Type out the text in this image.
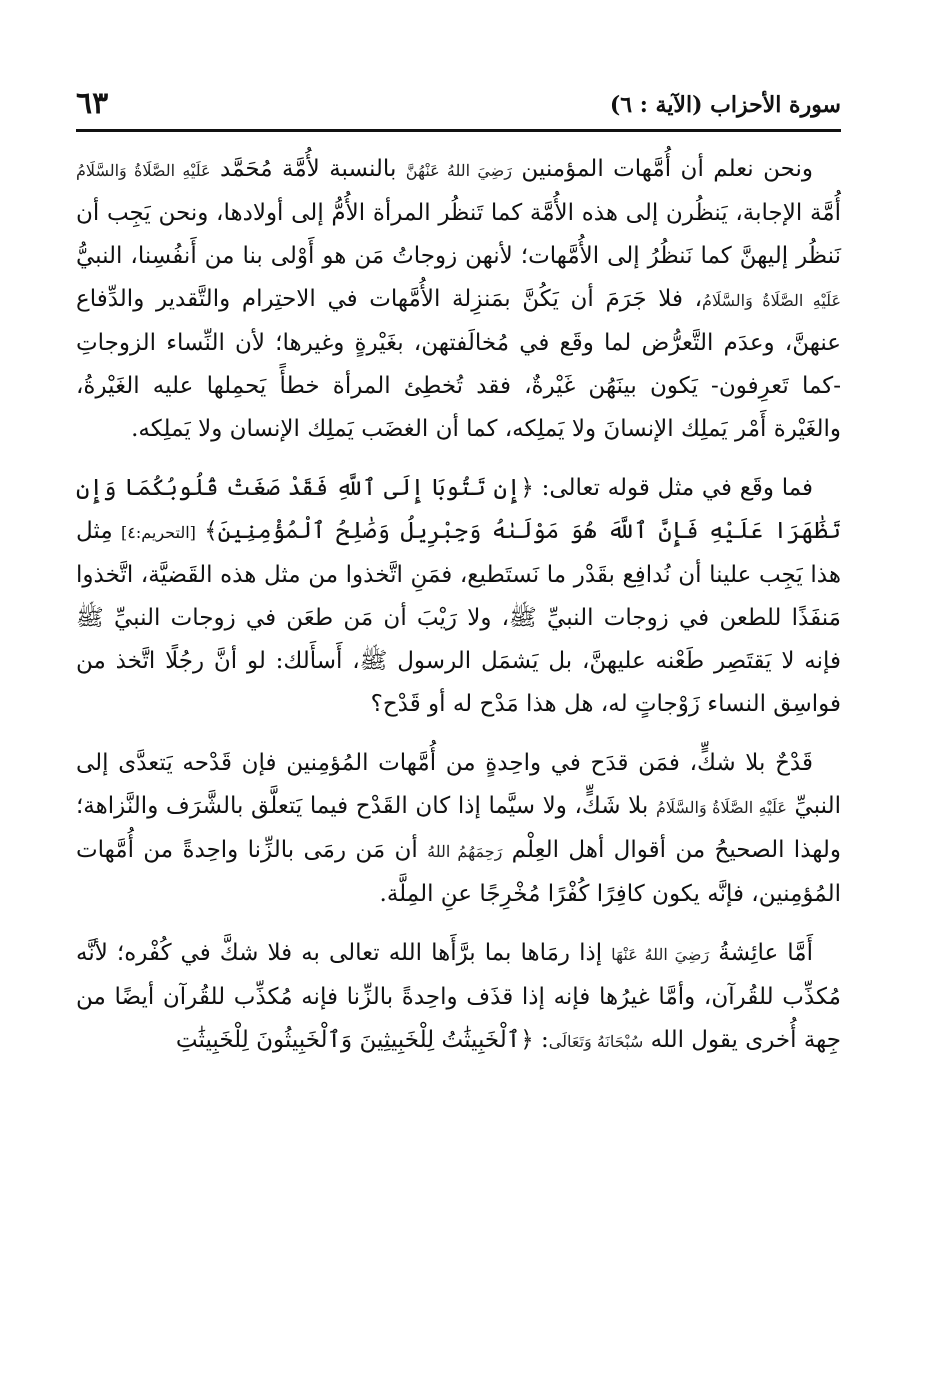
سورة الأحزاب (الآية : ٦)
٦٣

ونحن نعلم أن أُمَّهات المؤمنين رَضِيَ اللهُ عَنْهُنَّ بالنسبة لأُمَّة مُحَمَّد عَلَيْهِ الصَّلَاةُ وَالسَّلَامُ أُمَّة الإجابة، يَنظُرن إلى هذه الأُمَّة كما تَنظُر المرأة الأُمُّ إلى أولادها، ونحن يَجِب أن نَنظُر إليهنَّ كما نَنظُرُ إلى الأُمَّهات؛ لأنهن زوجاتُ مَن هو أَوْلى بنا من أَنفُسِنا، النبيُّ عَلَيْهِ الصَّلَاةُ وَالسَّلَامُ، فلا جَرَمَ أن يَكُنَّ بمَنزِلة الأُمَّهات في الاحتِرام والتَّقدير والدِّفاع عنهنَّ، وعدَم التَّعرُّض لما وقَع في مُخالَفتهن، بغَيْرةٍ وغيرها؛ لأن النِّساء الزوجاتِ -كما تَعرِفون- يَكون بينَهُن غَيْرةٌ، فقد تُخطِئ المرأة خطأً يَحمِلها عليه الغَيْرةُ، والغَيْرة أَمْر يَملِك الإنسانَ ولا يَملِكه، كما أن الغضَب يَملِك الإنسان ولا يَملِكه.

فما وقَع في مثل قوله تعالى: ﴿إِن تَتُوبَا إِلَى ٱللَّهِ فَقَدْ صَغَتْ قُلُوبُكُمَا وَإِن تَظَٰهَرَا عَلَيْهِ فَإِنَّ ٱللَّهَ هُوَ مَوْلَىٰهُ وَجِبْرِيلُ وَصَٰلِحُ ٱلْمُؤْمِنِينَ﴾ [التحريم:٤] مِثل هذا يَجِب علينا أن نُدافِع بقَدْر ما نَستَطيع، فمَنِ اتَّخذوا من مثل هذه القَضيَّة، اتَّخذوا مَنفَذًا للطعن في زوجات النبيِّ ﷺ، ولا رَيْبَ أن مَن طعَن في زوجات النبيِّ ﷺ فإنه لا يَقتَصِر طَعْنه عليهنَّ، بل يَشمَل الرسول ﷺ، أَسأَلك: لو أنَّ رجُلًا اتَّخذ من فواسِق النساء زَوْجاتٍ له، هل هذا مَدْح له أو قَدْح؟

قَدْحٌ بلا شكٍّ، فمَن قدَح في واحِدةٍ من أُمَّهات المُؤمِنين فإن قَدْحه يَتعدَّى إلى النبيِّ عَلَيْهِ الصَّلَاةُ وَالسَّلَامُ بلا شَكٍّ، ولا سيَّما إذا كان القَدْح فيما يَتعلَّق بالشَّرَف والنَّزاهة؛ ولهذا الصحيحُ من أقوال أهل العِلْم رَحِمَهُمُ اللهُ أن مَن رمَى بالزِّنا واحِدةً من أُمَّهات المُؤمِنين، فإنَّه يكون كافِرًا كُفْرًا مُخْرِجًا عنِ المِلَّة.

أَمَّا عائِشةُ رَضِيَ اللهُ عَنْهَا إذا رمَاها بما برَّأَها الله تعالى به فلا شكَّ في كُفْره؛ لأنَّه مُكذِّب للقُرآن، وأمَّا غيرُها فإنه إذا قذَف واحِدةً بالزِّنا فإنه مُكذِّب للقُرآن أيضًا من جِهة أُخرى يقول الله سُبْحَانَهُ وَتَعَالَى: ﴿ٱلْخَبِيثَٰتُ لِلْخَبِيثِينَ وَٱلْخَبِيثُونَ لِلْخَبِيثَٰتِ
